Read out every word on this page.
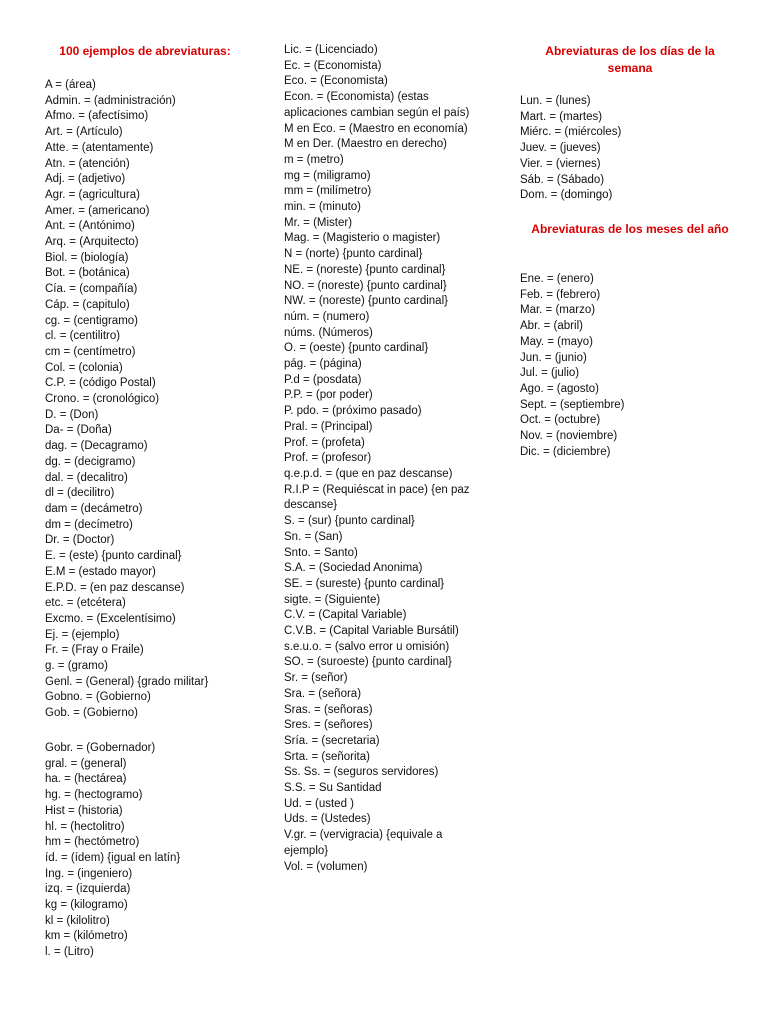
100 ejemplos de abreviaturas:
A = (área)
Admin. = (administración)
Afmo. = (afectísimo)
Art. = (Artículo)
Atte. = (atentamente)
Atn. = (atención)
Adj. = (adjetivo)
Agr. = (agricultura)
Amer. = (americano)
Ant. = (Antónimo)
Arq. = (Arquitecto)
Biol. = (biología)
Bot. = (botánica)
Cía. = (compañía)
Cáp. = (capitulo)
cg. = (centigramo)
cl. = (centilitro)
cm = (centímetro)
Col. = (colonia)
C.P. = (código Postal)
Crono. = (cronológico)
D. = (Don)
Da- = (Doña)
dag. = (Decagramo)
dg. = (decigramo)
dal. = (decalitro)
dl = (decilitro)
dam = (decámetro)
dm = (decímetro)
Dr. = (Doctor)
E. = (este) {punto cardinal}
E.M = (estado mayor)
E.P.D. = (en paz descanse)
etc. = (etcétera)
Excmo. = (Excelentísimo)
Ej. = (ejemplo)
Fr. = (Fray o Fraile)
g. = (gramo)
Genl. = (General) {grado militar}
Gobno. = (Gobierno)
Gob. = (Gobierno)
Gobr. = (Gobernador)
gral. = (general)
ha. = (hectárea)
hg. = (hectogramo)
Hist = (historia)
hl. = (hectolitro)
hm = (hectómetro)
íd. = (ídem) {igual en latín}
Ing. = (ingeniero)
izq. = (izquierda)
kg = (kilogramo)
kl = (kilolitro)
km = (kilómetro)
l. = (Litro)
Lic. = (Licenciado)
Ec. = (Economista)
Eco. = (Economista)
Econ. = (Economista) (estas aplicaciones cambian según el país)
M en Eco. = (Maestro en economía)
M en Der. (Maestro en derecho)
m = (metro)
mg = (miligramo)
mm = (milímetro)
min. = (minuto)
Mr. = (Mister)
Mag. = (Magisterio o magister)
N = (norte) {punto cardinal}
NE. = (noreste) {punto cardinal}
NO. = (noreste) {punto cardinal}
NW. = (noreste) {punto cardinal}
núm. = (numero)
núms. (Números)
O. = (oeste) {punto cardinal}
pág. = (página)
P.d = (posdata)
P.P. = (por poder)
P. pdo. = (próximo pasado)
Pral. = (Principal)
Prof. = (profeta)
Prof. = (profesor)
q.e.p.d. = (que en paz descanse)
R.I.P = (Requiéscat in pace) {en paz descanse}
S. = (sur) {punto cardinal}
Sn. = (San)
Snto. = Santo)
S.A. = (Sociedad Anonima)
SE. = (sureste) {punto cardinal}
sigte. = (Siguiente)
C.V. = (Capital Variable)
C.V.B. = (Capital Variable Bursátil)
s.e.u.o. = (salvo error u omisión)
SO. = (suroeste) {punto cardinal}
Sr. = (señor)
Sra. = (señora)
Sras. = (señoras)
Sres. = (señores)
Sría. = (secretaria)
Srta. = (señorita)
Ss. Ss. = (seguros servidores)
S.S. = Su Santidad
Ud. = (usted )
Uds. = (Ustedes)
V.gr. = (vervigracia) {equivale a ejemplo}
Vol. = (volumen)
Abreviaturas de los días de la semana
Lun. = (lunes)
Mart. = (martes)
Miérc. = (miércoles)
Juev. = (jueves)
Vier. = (viernes)
Sáb. = (Sábado)
Dom. = (domingo)
Abreviaturas de los meses del año
Ene. = (enero)
Feb. = (febrero)
Mar. = (marzo)
Abr. = (abril)
May. = (mayo)
Jun. = (junio)
Jul. = (julio)
Ago. = (agosto)
Sept. = (septiembre)
Oct. = (octubre)
Nov. = (noviembre)
Dic. = (diciembre)
